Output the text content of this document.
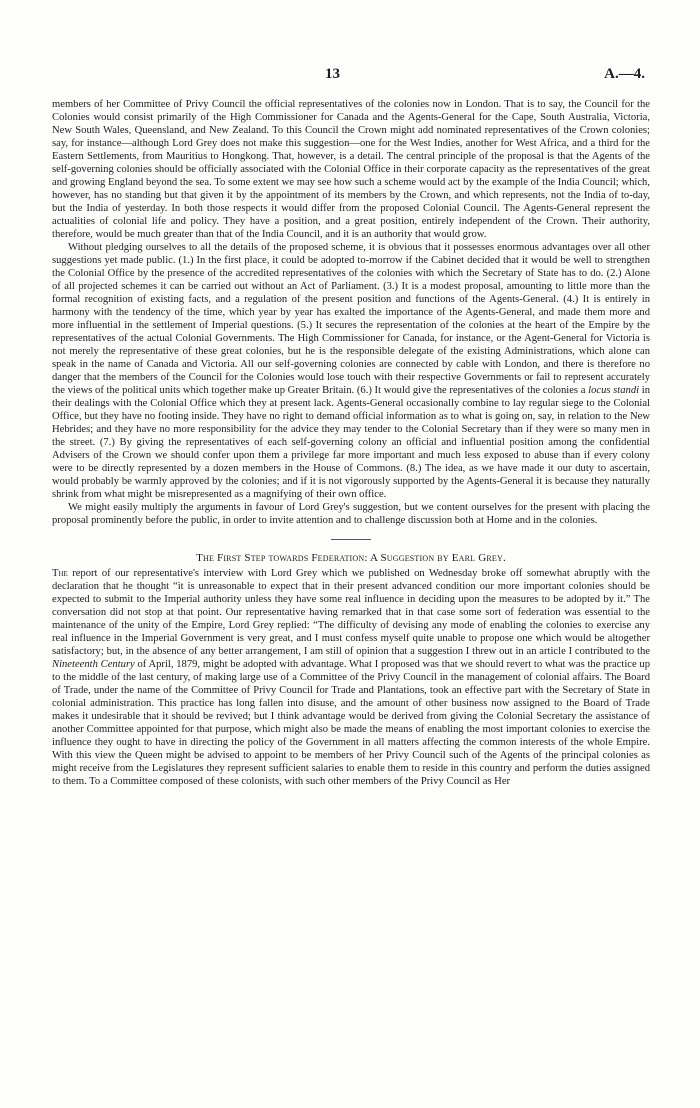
13	A.—4.

members of her Committee of Privy Council the official representatives of the colonies now in London. That is to say, the Council for the Colonies would consist primarily of the High Commissioner for Canada and the Agents-General for the Cape, South Australia, Victoria, New South Wales, Queensland, and New Zealand. To this Council the Crown might add nominated representatives of the Crown colonies; say, for instance—although Lord Grey does not make this suggestion—one for the West Indies, another for West Africa, and a third for the Eastern Settlements, from Mauritius to Hongkong. That, however, is a detail. The central principle of the proposal is that the Agents of the self-governing colonies should be officially associated with the Colonial Office in their corporate capacity as the representatives of the great and growing England beyond the sea. To some extent we may see how such a scheme would act by the example of the India Council; which, however, has no standing but that given it by the appointment of its members by the Crown, and which represents, not the India of to-day, but the India of yesterday. In both those respects it would differ from the proposed Colonial Council. The Agents-General represent the actualities of colonial life and policy. They have a position, and a great position, entirely independent of the Crown. Their authority, therefore, would be much greater than that of the India Council, and it is an authority that would grow.

Without pledging ourselves to all the details of the proposed scheme, it is obvious that it possesses enormous advantages over all other suggestions yet made public. (1.) In the first place, it could be adopted to-morrow if the Cabinet decided that it would be well to strengthen the Colonial Office by the presence of the accredited representatives of the colonies with which the Secretary of State has to do. (2.) Alone of all projected schemes it can be carried out without an Act of Parliament. (3.) It is a modest proposal, amounting to little more than the formal recognition of existing facts, and a regulation of the present position and functions of the Agents-General. (4.) It is entirely in harmony with the tendency of the time, which year by year has exalted the importance of the Agents-General, and made them more and more influential in the settlement of Imperial questions. (5.) It secures the representation of the colonies at the heart of the Empire by the representatives of the actual Colonial Governments. The High Commissioner for Canada, for instance, or the Agent-General for Victoria is not merely the representative of these great colonies, but he is the responsible delegate of the existing Administrations, which alone can speak in the name of Canada and Victoria. All our self-governing colonies are connected by cable with London, and there is therefore no danger that the members of the Council for the Colonies would lose touch with their respective Governments or fail to represent accurately the views of the political units which together make up Greater Britain. (6.) It would give the representatives of the colonies a locus standi in their dealings with the Colonial Office which they at present lack. Agents-General occasionally combine to lay regular siege to the Colonial Office, but they have no footing inside. They have no right to demand official information as to what is going on, say, in relation to the New Hebrides; and they have no more responsibility for the advice they may tender to the Colonial Secretary than if they were so many men in the street. (7.) By giving the representatives of each self-governing colony an official and influential position among the confidential Advisers of the Crown we should confer upon them a privilege far more important and much less exposed to abuse than if every colony were to be directly represented by a dozen members in the House of Commons. (8.) The idea, as we have made it our duty to ascertain, would probably be warmly approved by the colonies; and if it is not vigorously supported by the Agents-General it is because they naturally shrink from what might be misrepresented as a magnifying of their own office.

We might easily multiply the arguments in favour of Lord Grey's suggestion, but we content ourselves for the present with placing the proposal prominently before the public, in order to invite attention and to challenge discussion both at Home and in the colonies.

The First Step towards Federation: A Suggestion by Earl Grey.

The report of our representative's interview with Lord Grey which we published on Wednesday broke off somewhat abruptly with the declaration that he thought “it is unreasonable to expect that in their present advanced condition our more important colonies should be expected to submit to the Imperial authority unless they have some real influence in deciding upon the measures to be adopted by it.” The conversation did not stop at that point. Our representative having remarked that in that case some sort of federation was essential to the maintenance of the unity of the Empire, Lord Grey replied: “The difficulty of devising any mode of enabling the colonies to exercise any real influence in the Imperial Government is very great, and I must confess myself quite unable to propose one which would be altogether satisfactory; but, in the absence of any better arrangement, I am still of opinion that a suggestion I threw out in an article I contributed to the Nineteenth Century of April, 1879, might be adopted with advantage. What I proposed was that we should revert to what was the practice up to the middle of the last century, of making large use of a Committee of the Privy Council in the management of colonial affairs. The Board of Trade, under the name of the Committee of Privy Council for Trade and Plantations, took an effective part with the Secretary of State in colonial administration. This practice has long fallen into disuse, and the amount of other business now assigned to the Board of Trade makes it undesirable that it should be revived; but I think advantage would be derived from giving the Colonial Secretary the assistance of another Committee appointed for that purpose, which might also be made the means of enabling the most important colonies to exercise the influence they ought to have in directing the policy of the Government in all matters affecting the common interests of the whole Empire. With this view the Queen might be advised to appoint to be members of her Privy Council such of the Agents of the principal colonies as might receive from the Legislatures they represent sufficient salaries to enable them to reside in this country and perform the duties assigned to them. To a Committee composed of these colonists, with such other members of the Privy Council as Her
